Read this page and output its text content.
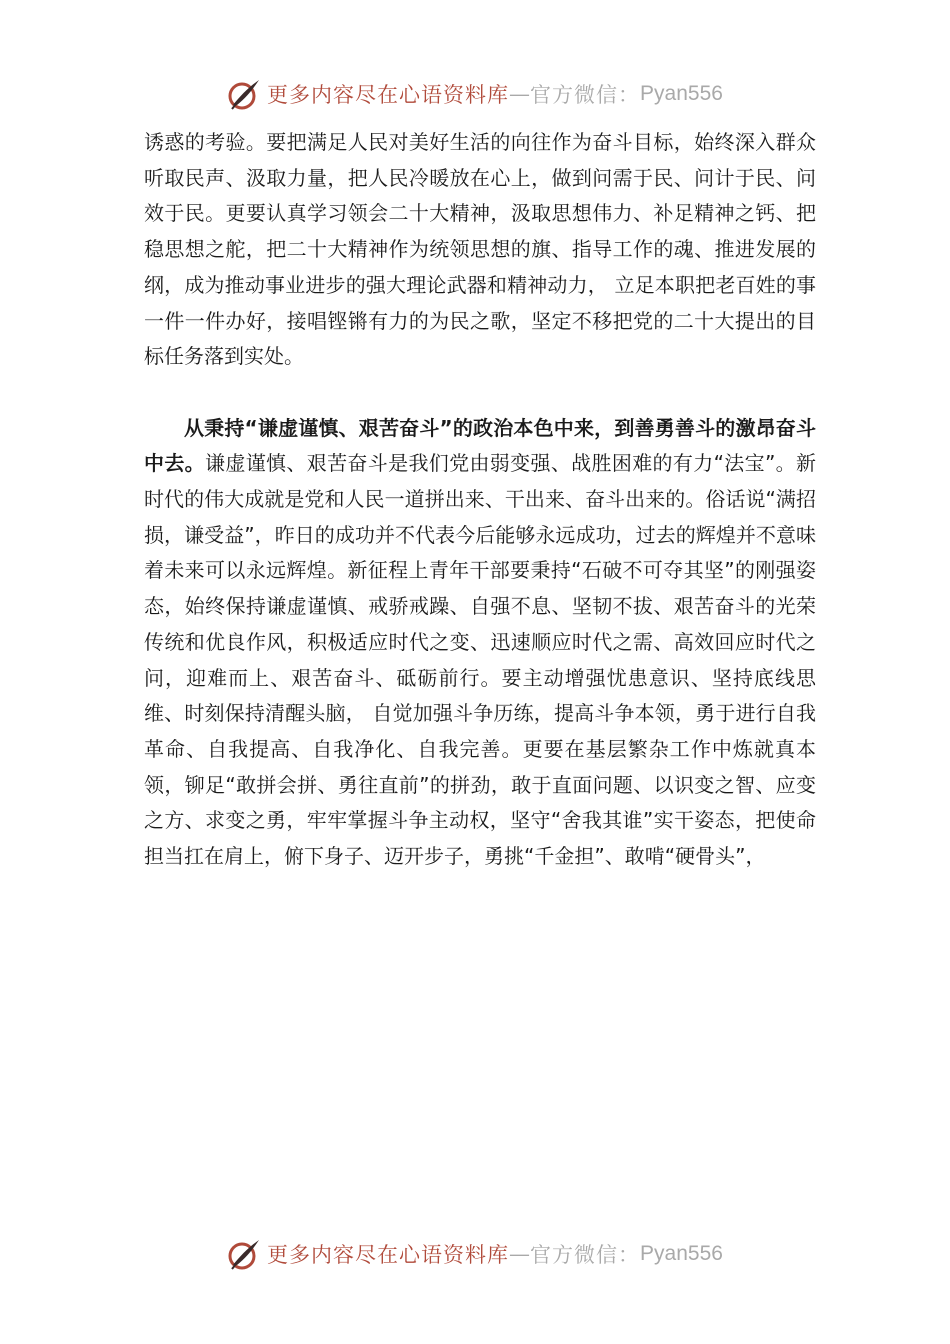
更多内容尽在心语资料库 — 官方微信： Pyan556

诱惑的考验。要把满足人民对美好生活的向往作为奋斗目标，始终深入群众听取民声、汲取力量，把人民冷暖放在心上，做到问需于民、问计于民、问效于民。更要认真学习领会二十大精神，汲取思想伟力、补足精神之钙、把稳思想之舵，把二十大精神作为统领思想的旗、指导工作的魂、推进发展的纲，成为推动事业进步的强大理论武器和精神动力， 立足本职把老百姓的事一件一件办好，接唱铿锵有力的为民之歌，坚定不移把党的二十大提出的目标任务落到实处。

从秉持“谦虚谨慎、艰苦奋斗”的政治本色中来，到善勇善斗的激昂奋斗中去。谦虚谨慎、艰苦奋斗是我们党由弱变强、战胜困难的有力“法宝”。新时代的伟大成就是党和人民一道拼出来、干出来、奋斗出来的。俗话说“满招损，谦受益”，昨日的成功并不代表今后能够永远成功，过去的辉煌并不意味着未来可以永远辉煌。新征程上青年干部要秉持“石破不可夺其坚”的刚强姿态，始终保持谦虚谨慎、戒骄戒躁、自强不息、坚韧不拔、艰苦奋斗的光荣传统和优良作风，积极适应时代之变、迅速顺应时代之需、高效回应时代之问，迎难而上、艰苦奋斗、砥砺前行。要主动增强忧患意识、坚持底线思维、时刻保持清醒头脑， 自觉加强斗争历练，提高斗争本领，勇于进行自我革命、自我提高、自我净化、自我完善。更要在基层繁杂工作中炼就真本领，铆足“敢拼会拼、勇往直前”的拼劲，敢于直面问题、以识变之智、应变之方、求变之勇，牢牢掌握斗争主动权，坚守“舍我其谁”实干姿态，把使命担当扛在肩上，俯下身子、迈开步子，勇挑“千金担”、敢啃“硬骨头”，

更多内容尽在心语资料库 — 官方微信： Pyan556
